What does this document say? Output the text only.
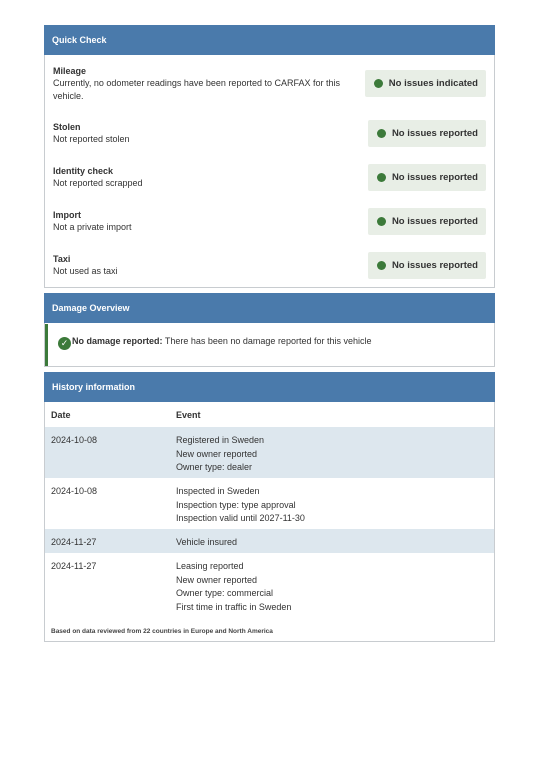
Quick Check
Mileage
Currently, no odometer readings have been reported to CARFAX for this vehicle.
No issues indicated
Stolen
Not reported stolen	No issues reported
Identity check
Not reported scrapped	No issues reported
Import
Not a private import	No issues reported
Taxi
Not used as taxi	No issues reported
Damage Overview
✓ No damage reported: There has been no damage reported for this vehicle
History information
Date	Event
2024-10-08	Registered in Sweden
New owner reported
Owner type: dealer
2024-10-08	Inspected in Sweden
Inspection type: type approval
Inspection valid until 2027-11-30
2024-11-27	Vehicle insured
2024-11-27	Leasing reported
New owner reported
Owner type: commercial
First time in traffic in Sweden
Based on data reviewed from 22 countries in Europe and North America
